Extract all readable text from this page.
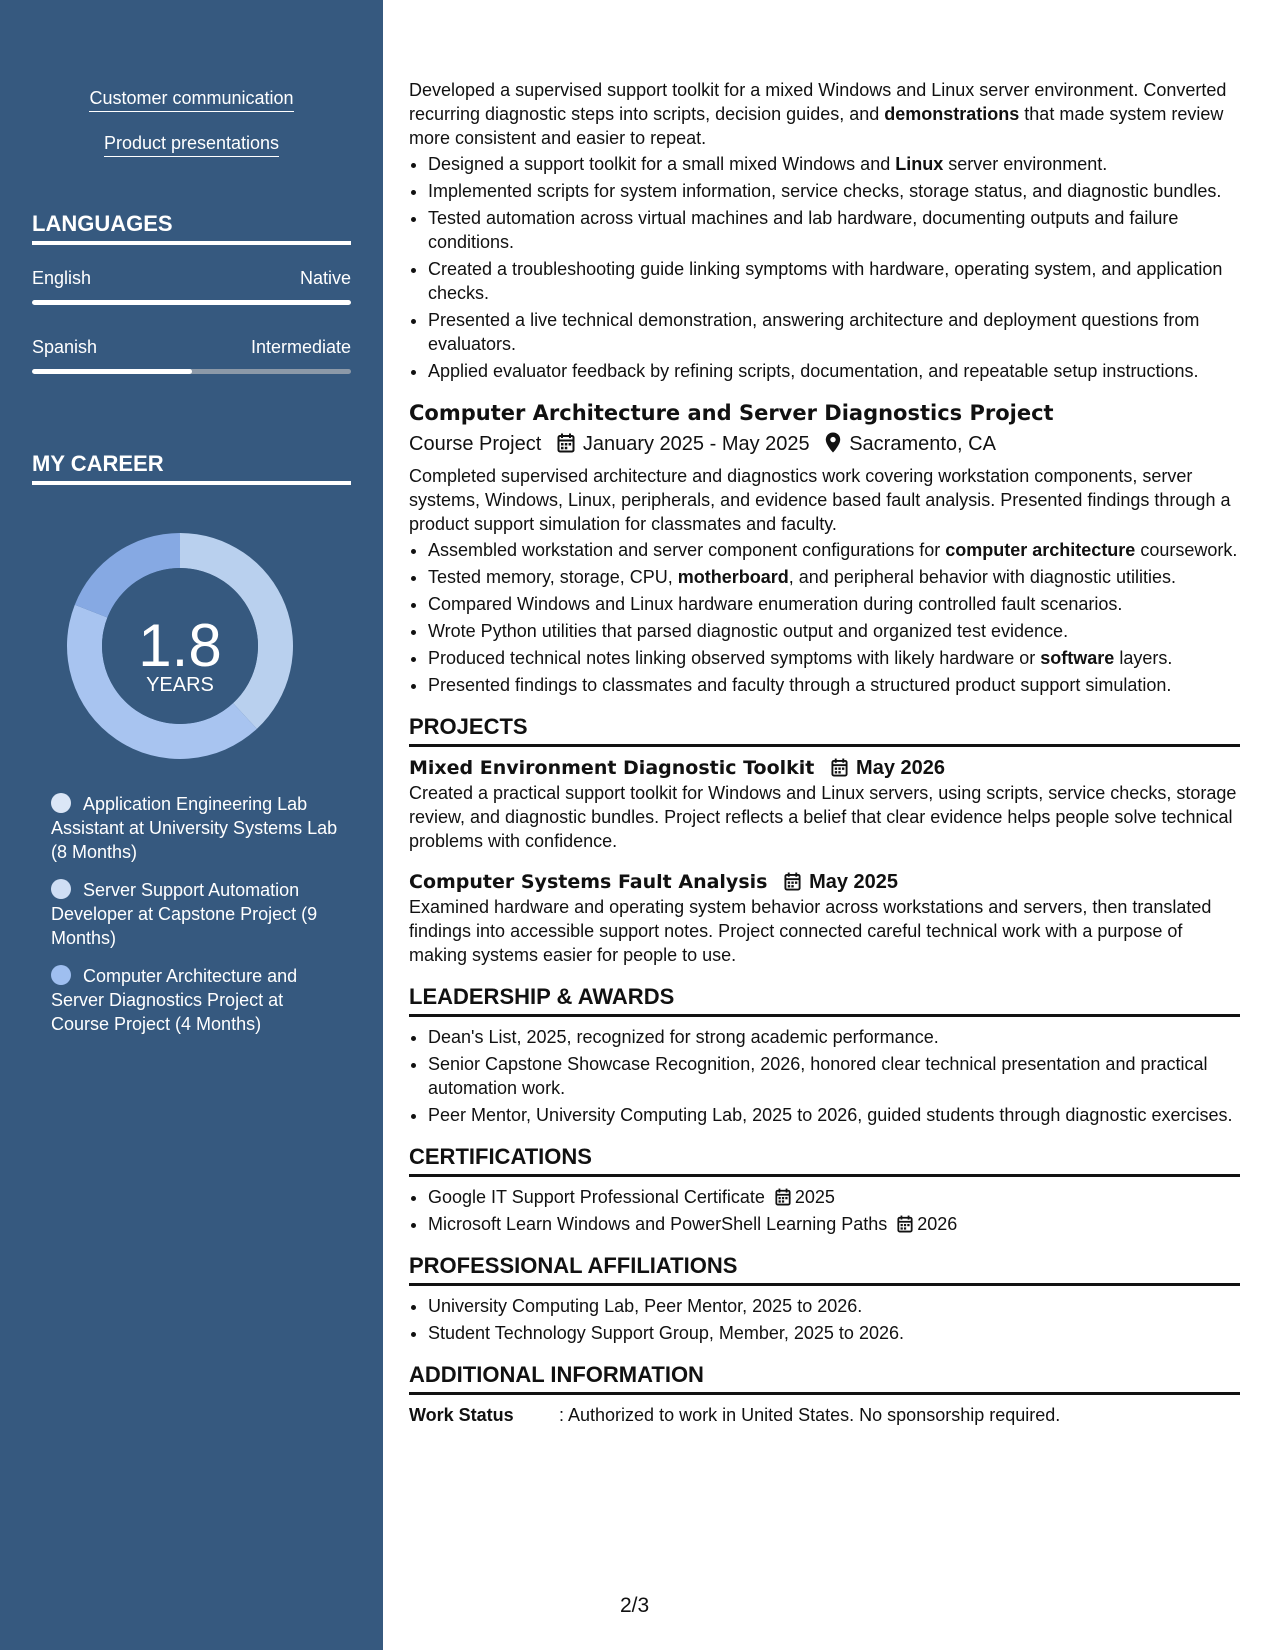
Customer communication
Product presentations
LANGUAGES
English	Native
Spanish	Intermediate
MY CAREER
1.8
YEARS
Application Engineering Lab Assistant at University Systems Lab (8 Months)
Server Support Automation Developer at Capstone Project (9 Months)
Computer Architecture and Server Diagnostics Project at Course Project (4 Months)

Developed a supervised support toolkit for a mixed Windows and Linux server environment. Converted recurring diagnostic steps into scripts, decision guides, and demonstrations that made system review more consistent and easier to repeat.

• Designed a support toolkit for a small mixed Windows and Linux server environment.
• Implemented scripts for system information, service checks, storage status, and diagnostic bundles.
• Tested automation across virtual machines and lab hardware, documenting outputs and failure conditions.
• Created a troubleshooting guide linking symptoms with hardware, operating system, and application checks.
• Presented a live technical demonstration, answering architecture and deployment questions from evaluators.
• Applied evaluator feedback by refining scripts, documentation, and repeatable setup instructions.
Computer Architecture and Server Diagnostics Project
Course Project January 2025 - May 2025 Sacramento, CA

Completed supervised architecture and diagnostics work covering workstation components, server systems, Windows, Linux, peripherals, and evidence based fault analysis. Presented findings through a product support simulation for classmates and faculty.

• Assembled workstation and server component configurations for computer architecture coursework.
• Tested memory, storage, CPU, motherboard, and peripheral behavior with diagnostic utilities.
• Compared Windows and Linux hardware enumeration during controlled fault scenarios.
• Wrote Python utilities that parsed diagnostic output and organized test evidence.
• Produced technical notes linking observed symptoms with likely hardware or software layers.
• Presented findings to classmates and faculty through a structured product support simulation.
PROJECTS
Mixed Environment Diagnostic Toolkit May 2026

Created a practical support toolkit for Windows and Linux servers, using scripts, service checks, storage review, and diagnostic bundles. Project reflects a belief that clear evidence helps people solve technical problems with confidence.

Computer Systems Fault Analysis May 2025

Examined hardware and operating system behavior across workstations and servers, then translated findings into accessible support notes. Project connected careful technical work with a purpose of making systems easier for people to use.

LEADERSHIP & AWARDS
• Dean's List, 2025, recognized for strong academic performance.
• Senior Capstone Showcase Recognition, 2026, honored clear technical presentation and practical automation work.
• Peer Mentor, University Computing Lab, 2025 to 2026, guided students through diagnostic exercises.
CERTIFICATIONS
• Google IT Support Professional Certificate 2025
• Microsoft Learn Windows and PowerShell Learning Paths 2026
PROFESSIONAL AFFILIATIONS
• University Computing Lab, Peer Mentor, 2025 to 2026.
• Student Technology Support Group, Member, 2025 to 2026.
ADDITIONAL INFORMATION
Work Status	: Authorized to work in United States. No sponsorship required.
2/3
